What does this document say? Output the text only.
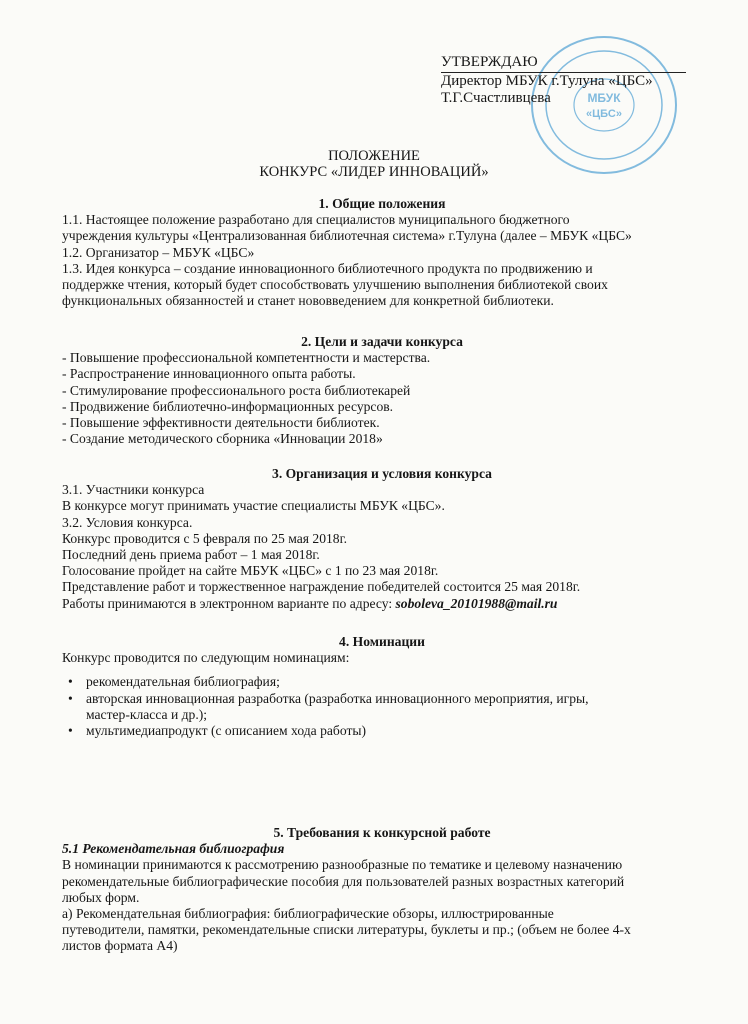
МБУК
«ЦБС»
УТВЕРЖДАЮ
Директор МБУК г.Тулуна «ЦБС»
Т.Г.Счастливцева
ПОЛОЖЕНИЕ
КОНКУРС «ЛИДЕР ИННОВАЦИЙ»
1. Общие положения
1.1. Настоящее положение разработано для специалистов муниципального бюджетного
учреждения культуры «Централизованная библиотечная система» г.Тулуна (далее – МБУК «ЦБС»
1.2. Организатор – МБУК «ЦБС»
1.3. Идея конкурса – создание инновационного библиотечного продукта по продвижению и
поддержке чтения, который будет способствовать улучшению выполнения библиотекой своих
функциональных обязанностей и станет нововведением для конкретной библиотеки.
2. Цели и задачи конкурса
- Повышение профессиональной компетентности и мастерства.
- Распространение инновационного опыта работы.
- Стимулирование профессионального роста библиотекарей
- Продвижение библиотечно-информационных ресурсов.
- Повышение эффективности деятельности библиотек.
- Создание методического сборника «Инновации 2018»
3. Организация и условия конкурса
3.1. Участники конкурса
В конкурсе могут принимать участие специалисты МБУК «ЦБС».
3.2. Условия конкурса.
Конкурс проводится с 5 февраля по 25 мая 2018г.
Последний день приема работ – 1 мая 2018г.
Голосование пройдет на сайте МБУК «ЦБС» с 1 по 23 мая 2018г.
Представление работ и торжественное награждение победителей состоится 25 мая 2018г.
Работы принимаются в электронном варианте по адресу: soboleva_20101988@mail.ru
4. Номинации
Конкурс проводится по следующим номинациям:
• рекомендательная библиография;
• авторская инновационная разработка (разработка инновационного мероприятия, игры,
мастер-класса и др.);
• мультимедиапродукт (с описанием хода работы)
5. Требования к конкурсной работе
5.1 Рекомендательная библиография
В номинации принимаются к рассмотрению разнообразные по тематике и целевому назначению
рекомендательные библиографические пособия для пользователей разных возрастных категорий
любых форм.
а) Рекомендательная библиография: библиографические обзоры, иллюстрированные
путеводители, памятки, рекомендательные списки литературы, буклеты и пр.; (объем не более 4-х
листов формата А4)
